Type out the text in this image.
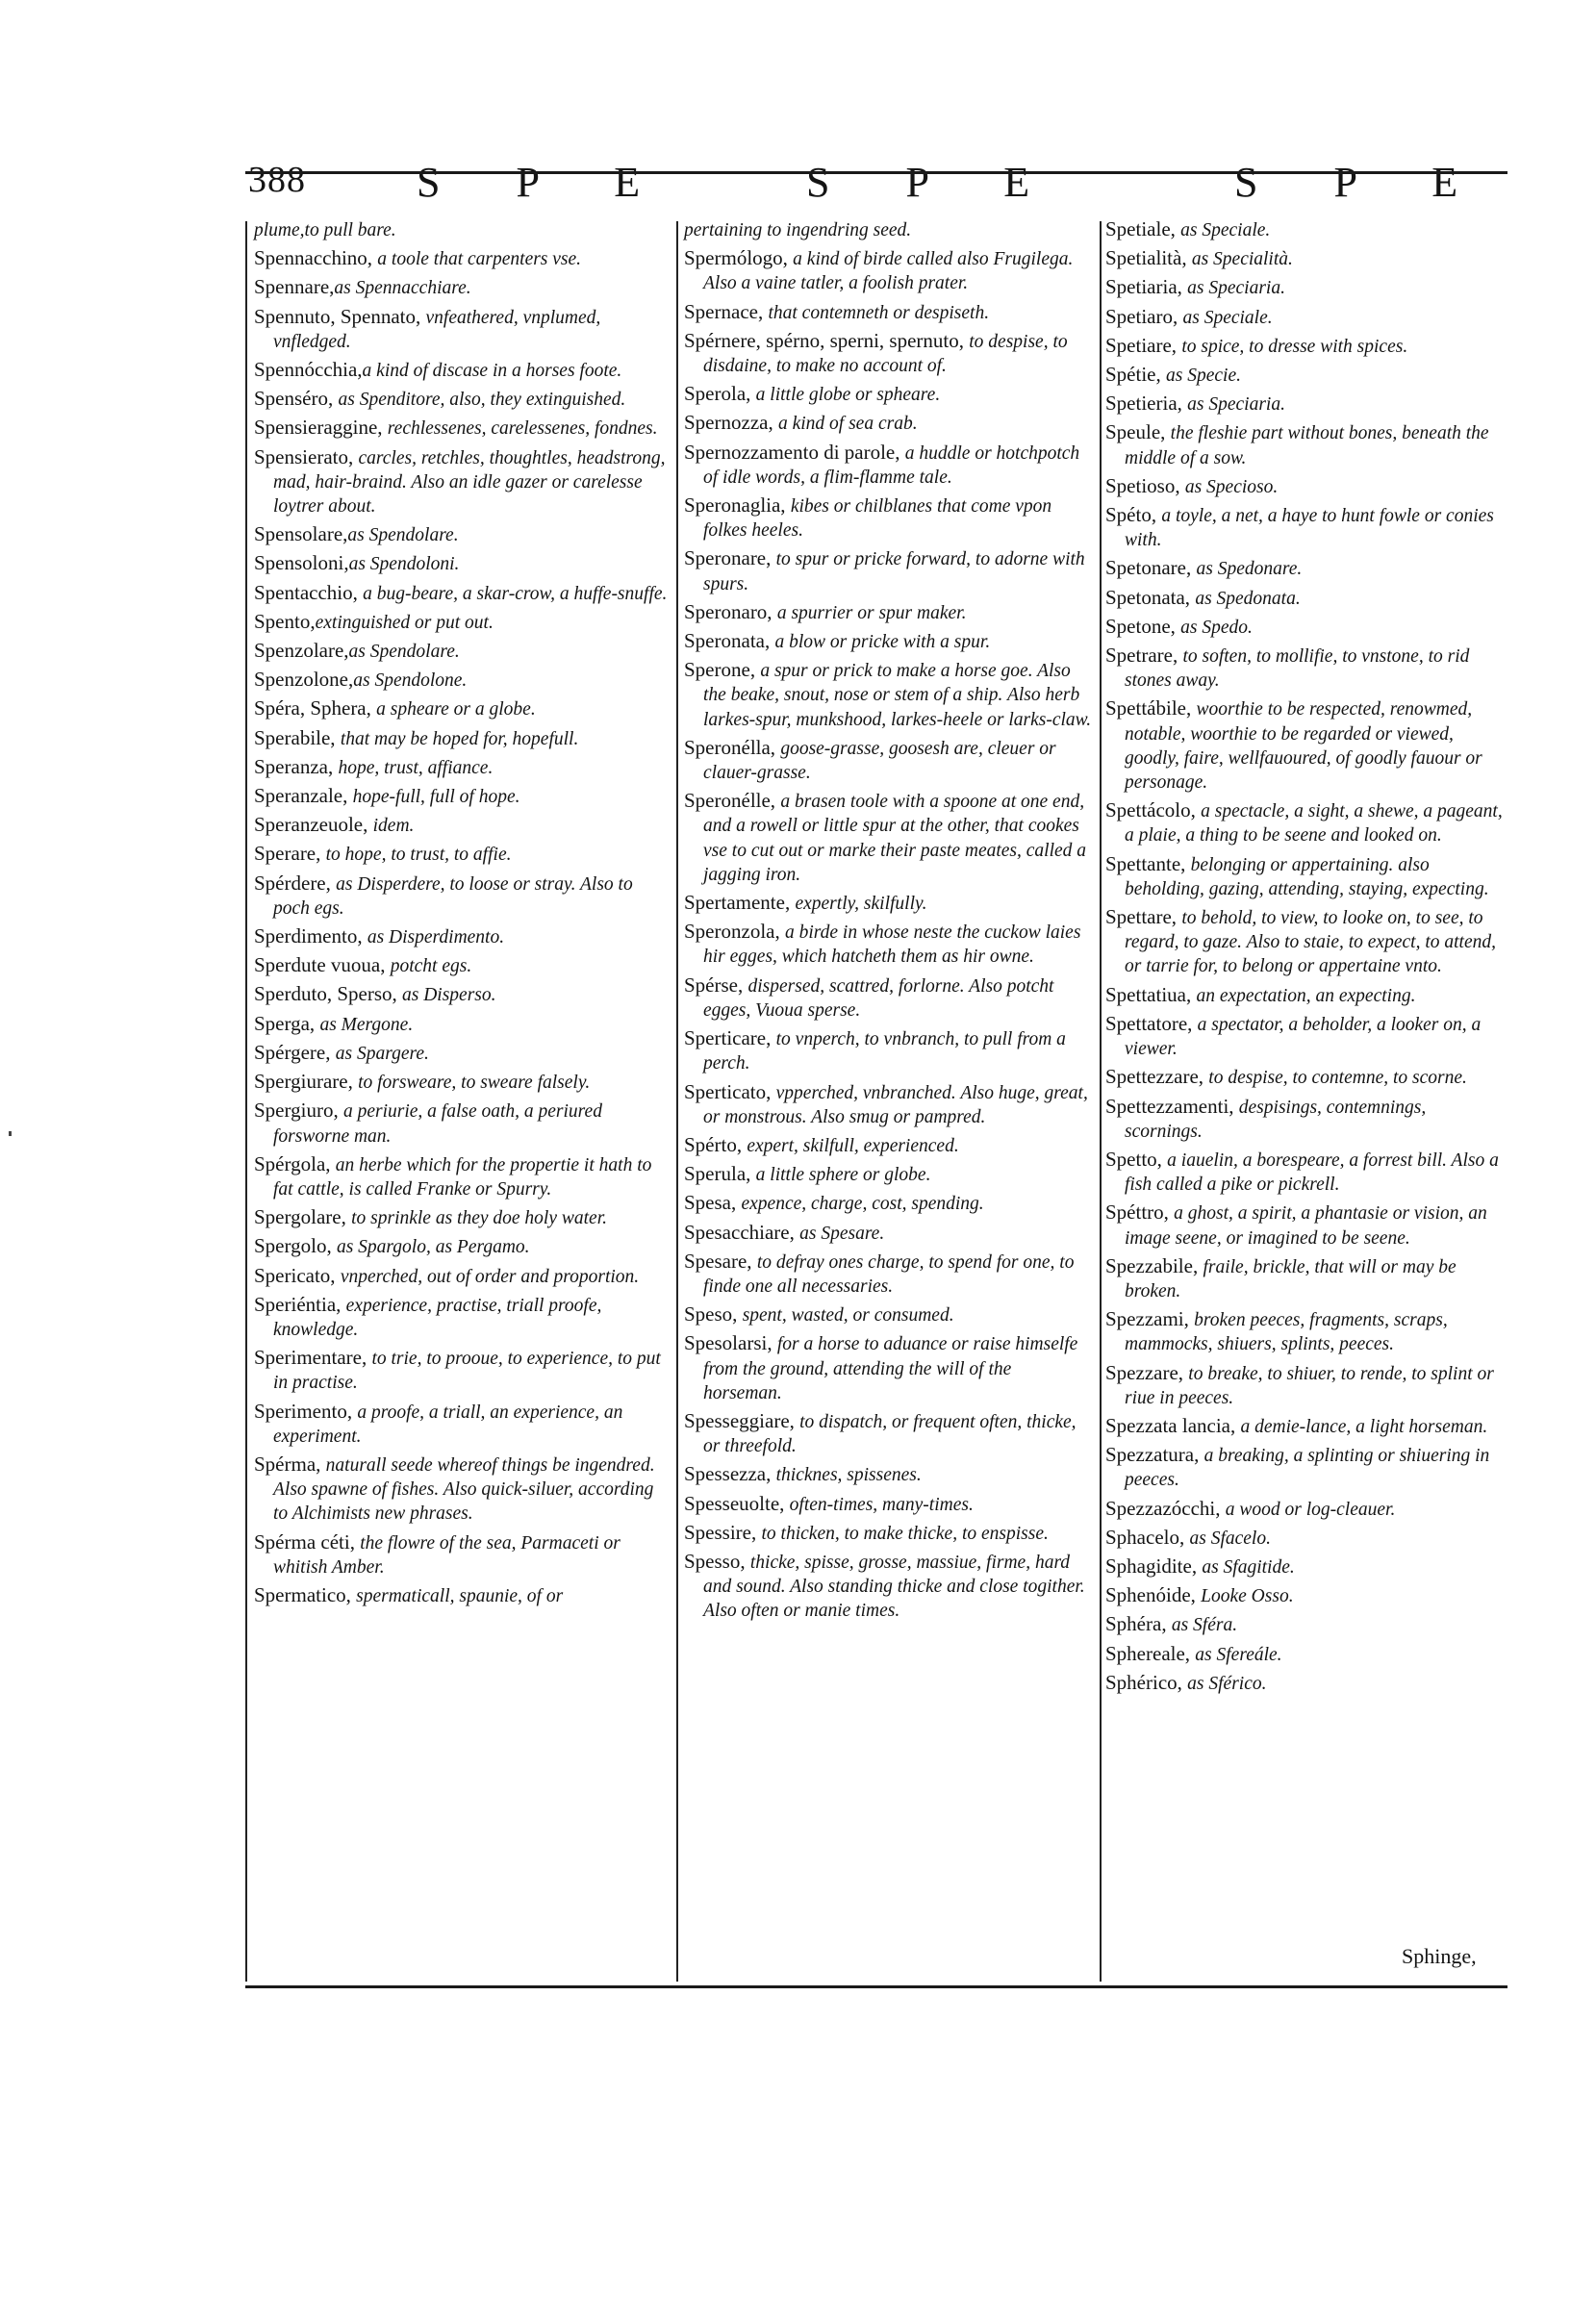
388	S P E	S P E	S P E
plume,to pull bare.
Spennacchino, a toole that carpenters vse.
Spennare,as Spennacchiare.
Spennuto, Spennato, vnfeathered, vnplumed, vnfledged.
Spennócchia,a kind of discase in a horses foote.
Spenséro, as Spenditore, also, they extinguished.
Spensieraggine, rechlessenes, carelessenes, fondnes.
Spensierato, carcles, retchles, thoughtles, headstrong, mad, hair-braind. Also an idle gazer or carelesse loytrer about.
Spensolare,as Spendolare.
Spensoloni,as Spendoloni.
Spentacchio, a bug-beare, a skar-crow, a huffe-snuffe.
Spento,extinguished or put out.
Spenzolare,as Spendolare.
Spenzolone,as Spendolone.
Spéra, Sphera, a spheare or a globe.
Sperabile, that may be hoped for, hopefull.
Speranza, hope, trust, affiance.
Speranzale, hope-full, full of hope.
Speranzeuole, idem.
Sperare, to hope, to trust, to affie.
Spérdere, as Disperdere, to loose or stray. Also to poch egs.
Sperdimento, as Disperdimento.
Sperdute vuoua, potcht egs.
Sperduto, Sperso, as Disperso.
Sperga, as Mergone.
Spérgere, as Spargere.
Spergiurare, to forsweare, to sweare falsely.
Spergiuro, a periurie, a false oath, a periured forsworne man.
Spérgola, an herbe which for the propertie it hath to fat cattle, is called Franke or Spurry.
Spergolare, to sprinkle as they doe holy water.
Spergolo, as Spargolo, as Pergamo.
Spericato, vnperched, out of order and proportion.
Speriéntia, experience, practise, triall proofe, knowledge.
Sperimentare, to trie, to prooue, to experience, to put in practise.
Sperimento, a proofe, a triall, an experience, an experiment.
Spérma, naturall seede whereof things be ingendred. Also spawne of fishes. Also quick-siluer, according to Alchimists new phrases.
Spérma céti, the flowre of the sea, Parmaceti or whitish Amber.
Spermatico, spermaticall, spaunie, of or
pertaining to ingendring seed.
Spermólogo, a kind of birde called also Frugilega. Also a vaine tatler, a foolish prater.
Spernace, that contemneth or despiseth.
Spérnere, spérno, sperni, spernuto, to despise, to disdaine, to make no account of.
Sperola, a little globe or spheare.
Spernozza, a kind of sea crab.
Spernozzamento di parole, a huddle or hotchpotch of idle words, a flim-flamme tale.
Speronaglia, kibes or chilblanes that come vpon folkes heeles.
Speronare, to spur or pricke forward, to adorne with spurs.
Speronaro, a spurrier or spur maker.
Speronata, a blow or pricke with a spur.
Sperone, a spur or prick to make a horse goe. Also the beake, snout, nose or stem of a ship. Also herb larkes-spur, munkshood, larkes-heele or larks-claw.
Speronélla, goose-grasse, goosesh are, cleuer or clauer-grasse.
Speronélle, a brasen toole with a spoone at one end, and a rowell or little spur at the other, that cookes vse to cut out or marke their paste meates, called a jagging iron.
Spertamente, expertly, skilfully.
Speronzola, a birde in whose neste the cuckow laies hir egges, which hatcheth them as hir owne.
Spérse, dispersed, scattred, forlorne. Also potcht egges, Vuoua sperse.
Sperticare, to vnperch, to vnbranch, to pull from a perch.
Sperticato, vpperched, vnbranched. Also huge, great, or monstrous. Also smug or pampred.
Spérto, expert, skilfull, experienced.
Sperula, a little sphere or globe.
Spesa, expence, charge, cost, spending.
Spesacchiare, as Spesare.
Spesare, to defray ones charge, to spend for one, to finde one all necessaries.
Speso, spent, wasted, or consumed.
Spesolarsi, for a horse to aduance or raise himselfe from the ground, attending the will of the horseman.
Spesseggiare, to dispatch, or frequent often, thicke, or threefold.
Spessezza, thicknes, spissenes.
Spesseuolte, often-times, many-times.
Spessire, to thicken, to make thicke, to enspisse.
Spesso, thicke, spisse, grosse, massiue, firme, hard and sound. Also standing thicke and close togither. Also often or manie times.
Spetiale, as Speciale.
Spetialità, as Specialità.
Spetiaria, as Speciaria.
Spetiaro, as Speciale.
Spetiare, to spice, to dresse with spices.
Spétie, as Specie.
Spetieria, as Speciaria.
Speule, the fleshie part without bones, beneath the middle of a sow.
Spetioso, as Specioso.
Spéto, a toyle, a net, a haye to hunt fowle or conies with.
Spetonare, as Spedonare.
Spetonata, as Spedonata.
Spetone, as Spedo.
Spetrare, to soften, to mollifie, to vnstone, to rid stones away.
Spettábile, woorthie to be respected, renowmed, notable, woorthie to be regarded or viewed, goodly, faire, wellfauoured, of goodly fauour or personage.
Spettácolo, a spectacle, a sight, a shewe, a pageant, a plaie, a thing to be seene and looked on.
Spettante, belonging or appertaining. also beholding, gazing, attending, staying, expecting.
Spettare, to behold, to view, to looke on, to see, to regard, to gaze. Also to staie, to expect, to attend, or tarrie for, to belong or appertaine vnto.
Spettatiua, an expectation, an expecting.
Spettatore, a spectator, a beholder, a looker on, a viewer.
Spettezzare, to despise, to contemne, to scorne.
Spettezzamenti, despisings, contemnings, scornings.
Spetto, a iauelin, a borespeare, a forrest bill. Also a fish called a pike or pickrell.
Spéttro, a ghost, a spirit, a phantasie or vision, an image seene, or imagined to be seene.
Spezzabile, fraile, brickle, that will or may be broken.
Spezzami, broken peeces, fragments, scraps, mammocks, shiuers, splints, peeces.
Spezzare, to breake, to shiuer, to rende, to splint or riue in peeces.
Spezzata lancia, a demie-lance, a light horseman.
Spezzatura, a breaking, a splinting or shiuering in peeces.
Spezzazócchi, a wood or log-cleauer.
Sphacelo, as Sfacelo.
Sphagidite, as Sfagitide.
Sphenóide, Looke Osso.
Sphéra, as Sféra.
Sphereale, as Sfereále.
Sphérico, as Sférico.
Sphinge,
